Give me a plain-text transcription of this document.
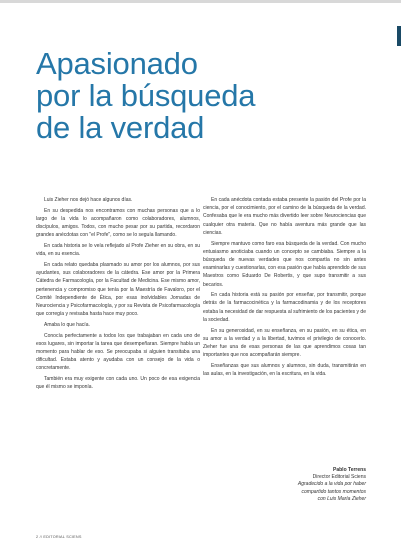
Apasionado
por la búsqueda
de la verdad

Luis Zieher nos dejó hace algunos días.

En su despedida nos encontramos con muchas personas que a lo largo de la vida lo acompañaron como colaboradores, alumnos, discípulos, amigos. Todos, con mucho pesar por su partida, recordaron grandes anécdotas con "el Profe", como se lo seguía llamando.

En cada historia se lo veía reflejado al Profe Zieher en su obra, en su vida, en su esencia.

En cada relato quedaba plasmado su amor por los alumnos, por sus ayudantes, sus colaboradores de la cátedra. Ese amor por la Primera Cátedra de Farmacología, por la Facultad de Medicina. Ese mismo amor, pertenencia y compromiso que tenía por la Maestría de Favaloro, por el Comité Independiente de Ética, por esas inolvidables Jornadas de Neurociencia y Psicofarmacología, y por su Revista de Psicofarmacología que corregía y revisaba hasta hace muy poco.

Amaba lo que hacía.

Conocía perfectamente a todos los que trabajaban en cada uno de esos lugares, sin importar la tarea que desempeñaran. Siempre había un momento para hablar de eso. Se preocupaba si alguien transitaba una dificultad. Estaba atento y ayudaba con un consejo de la vida o concretamente.

También era muy exigente con cada uno. Un poco de esa exigencia que él mismo se imponía.

En cada anécdota contada estaba presente la pasión del Profe por la ciencia, por el conocimiento, por el camino de la búsqueda de la verdad. Confesaba que le era mucho más divertido leer sobre Neurociencias que cualquier otra materia. Que no había aventura más grande que las ciencias.

Siempre mantuvo como faro esa búsqueda de la verdad. Con mucho entusiasmo anoticiaba cuando un concepto se cambiaba. Siempre a la búsqueda de nuevas verdades que nos compartía no sin antes examinarlas y cuestionarlas, con esa pasión que había aprendido de sus Maestros como Eduardo De Robertis, y que supo transmitir a sus becarios.

En cada historia está su pasión por enseñar, por transmitir, porque detrás de la farmacocinética y la farmacodinamia y de los receptores estaba la necesidad de dar respuesta al sufrimiento de los pacientes y de la sociedad.

En su generosidad, en su enseñanza, en su pasión, en su ética, en su amor a la verdad y a la libertad, tuvimos el privilegio de conocerlo. Zieher fue una de esas personas de las que aprendimos cosas tan importantes que nos acompañarán siempre.

Enseñanzas que sus alumnos y alumnos, sin duda, transmitirán en las aulas, en la investigación, en la escritura, en la vida.

Pablo Terrens
Director Editorial Sciens
Agradecido a la vida por haber
compartido tantos momentos
con Luis María Zieher
2 // EDITORIAL SCIENS
